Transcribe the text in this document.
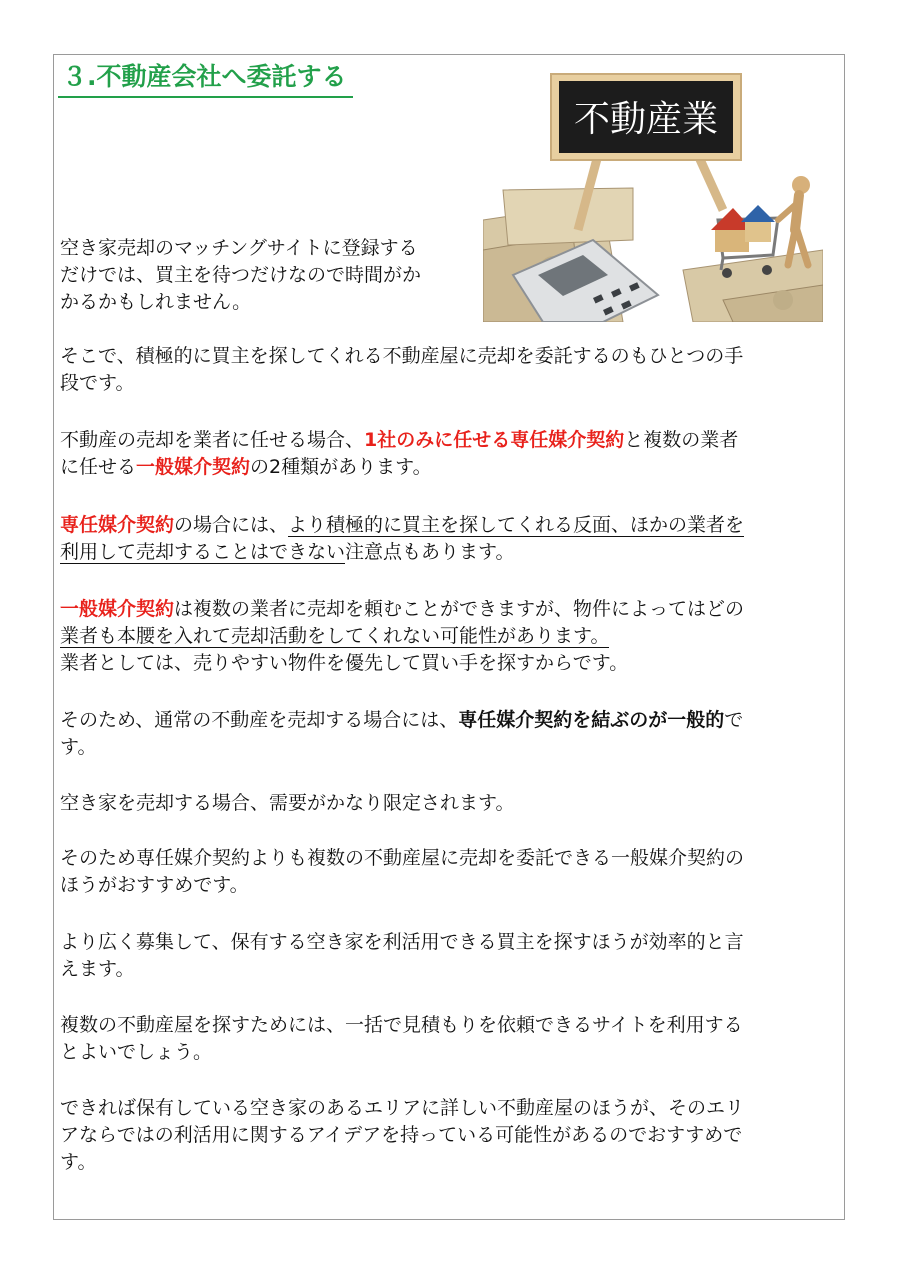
３.不動産会社へ委託する
不動産業

空き家売却のマッチングサイトに登録する
だけでは、買主を待つだけなので時間がか
かるかもしれません。

そこで、積極的に買主を探してくれる不動産屋に売却を委託するのもひとつの手
段です。

不動産の売却を業者に任せる場合、1社のみに任せる専任媒介契約と複数の業者
に任せる一般媒介契約の2種類があります。

専任媒介契約の場合には、より積極的に買主を探してくれる反面、ほかの業者を
利用して売却することはできない注意点もあります。

一般媒介契約は複数の業者に売却を頼むことができますが、物件によってはどの
業者も本腰を入れて売却活動をしてくれない可能性があります。
業者としては、売りやすい物件を優先して買い手を探すからです。

そのため、通常の不動産を売却する場合には、専任媒介契約を結ぶのが一般的で
す。

空き家を売却する場合、需要がかなり限定されます。

そのため専任媒介契約よりも複数の不動産屋に売却を委託できる一般媒介契約の
ほうがおすすめです。

より広く募集して、保有する空き家を利活用できる買主を探すほうが効率的と言
えます。

複数の不動産屋を探すためには、一括で見積もりを依頼できるサイトを利用する
とよいでしょう。

できれば保有している空き家のあるエリアに詳しい不動産屋のほうが、そのエリ
アならではの利活用に関するアイデアを持っている可能性があるのでおすすめで
す。
